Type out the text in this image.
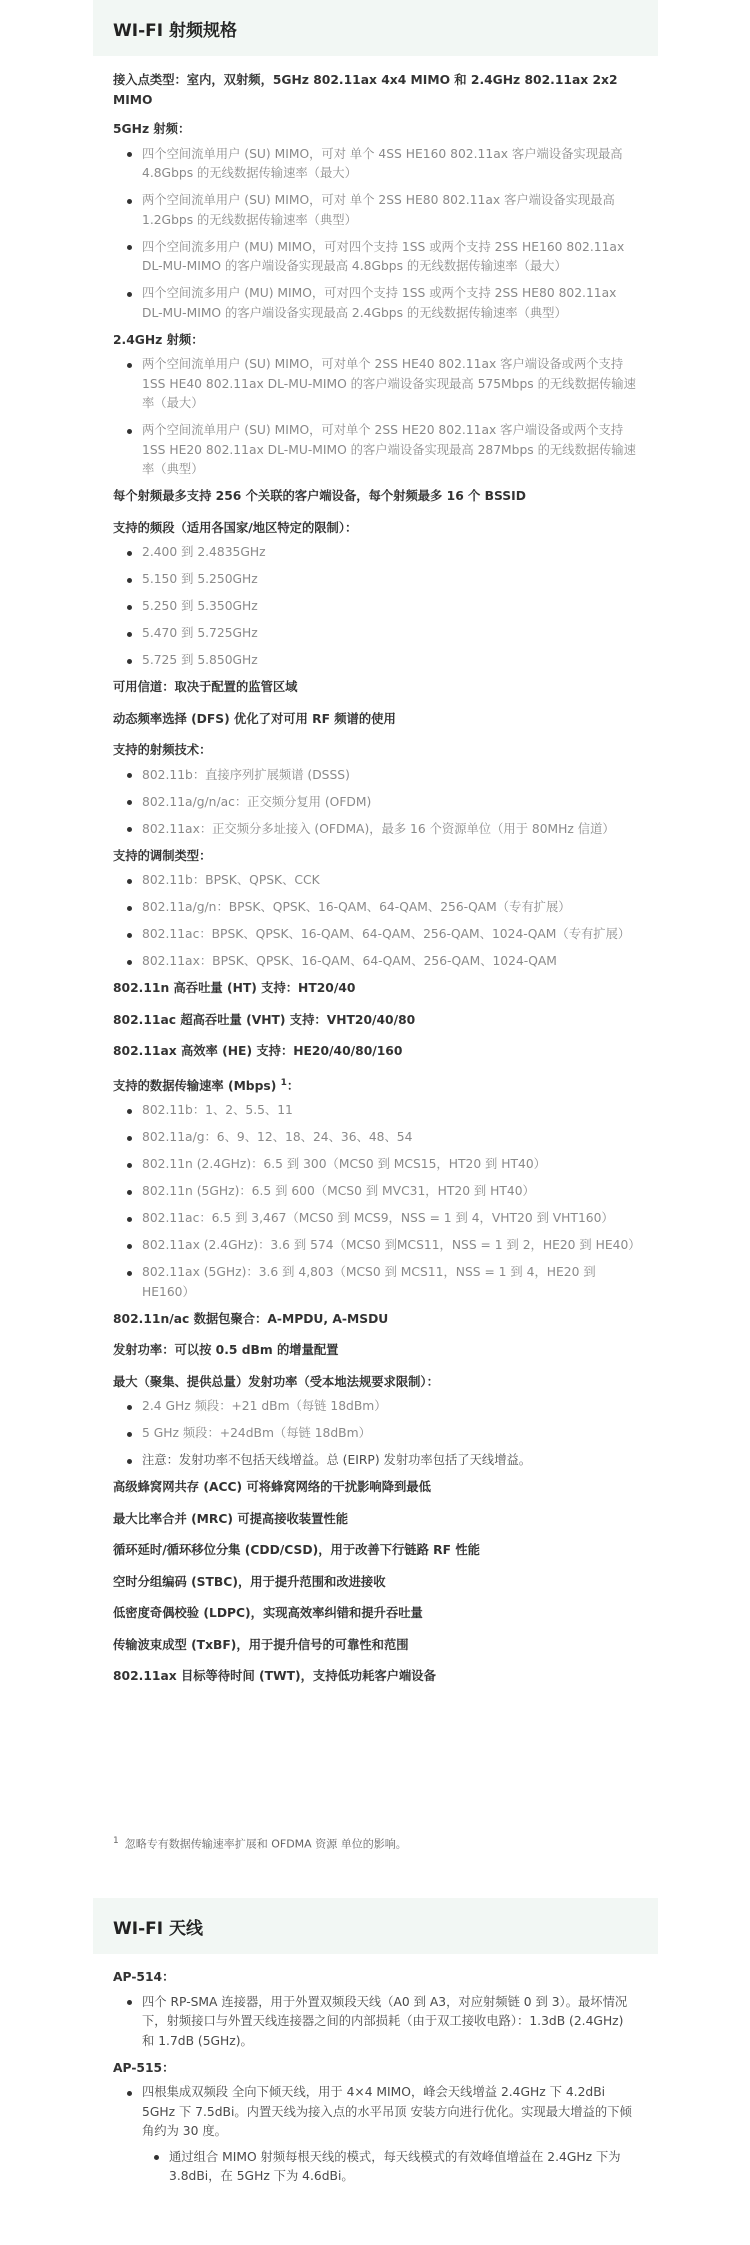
WI-FI 射频规格

接入点类型：室内，双射频，5GHz 802.11ax 4x4 MIMO 和 2.4GHz 802.11ax 2x2 MIMO

5GHz 射频：

四个空间流单用户 (SU) MIMO，可对 单个 4SS HE160 802.11ax 客户端设备实现最高 4.8Gbps 的无线数据传输速率（最大）
两个空间流单用户 (SU) MIMO，可对 单个 2SS HE80 802.11ax 客户端设备实现最高 1.2Gbps 的无线数据传输速率（典型）
四个空间流多用户 (MU) MIMO，可对四个支持 1SS 或两个支持 2SS HE160 802.11ax DL-MU-MIMO 的客户端设备实现最高 4.8Gbps 的无线数据传输速率（最大）
四个空间流多用户 (MU) MIMO，可对四个支持 1SS 或两个支持 2SS HE80 802.11ax DL-MU-MIMO 的客户端设备实现最高 2.4Gbps 的无线数据传输速率（典型）

2.4GHz 射频：

两个空间流单用户 (SU) MIMO，可对单个 2SS HE40 802.11ax 客户端设备或两个支持 1SS HE40 802.11ax DL-MU-MIMO 的客户端设备实现最高 575Mbps 的无线数据传输速率（最大）
两个空间流单用户 (SU) MIMO，可对单个 2SS HE20 802.11ax 客户端设备或两个支持 1SS HE20 802.11ax DL-MU-MIMO 的客户端设备实现最高 287Mbps 的无线数据传输速率（典型）

每个射频最多支持 256 个关联的客户端设备，每个射频最多 16 个 BSSID

支持的频段（适用各国家/地区特定的限制）：

2.400 到 2.4835GHz
5.150 到 5.250GHz
5.250 到 5.350GHz
5.470 到 5.725GHz
5.725 到 5.850GHz

可用信道：取决于配置的监管区域

动态频率选择 (DFS) 优化了对可用 RF 频谱的使用

支持的射频技术：

802.11b：直接序列扩展频谱 (DSSS)
802.11a/g/n/ac：正交频分复用 (OFDM)
802.11ax：正交频分多址接入 (OFDMA)，最多 16 个资源单位（用于 80MHz 信道）

支持的调制类型：

802.11b：BPSK、QPSK、CCK
802.11a/g/n：BPSK、QPSK、16-QAM、64-QAM、256-QAM（专有扩展）
802.11ac：BPSK、QPSK、16-QAM、64-QAM、256-QAM、1024-QAM（专有扩展）
802.11ax：BPSK、QPSK、16-QAM、64-QAM、256-QAM、1024-QAM

802.11n 高吞吐量 (HT) 支持：HT20/40

802.11ac 超高吞吐量 (VHT) 支持：VHT20/40/80

802.11ax 高效率 (HE) 支持：HE20/40/80/160

支持的数据传输速率 (Mbps) $^1$：

802.11b：1、2、5.5、11
802.11a/g：6、9、12、18、24、36、48、54
802.11n (2.4GHz)：6.5 到 300（MCS0 到 MCS15，HT20 到 HT40）
802.11n (5GHz)：6.5 到 600（MCS0 到 MVC31，HT20 到 HT40）
802.11ac：6.5 到 3,467（MCS0 到 MCS9，NSS = 1 到 4，VHT20 到 VHT160）
802.11ax (2.4GHz)：3.6 到 574（MCS0 到MCS11，NSS = 1 到 2，HE20 到 HE40）
802.11ax (5GHz)：3.6 到 4,803（MCS0 到 MCS11，NSS = 1 到 4，HE20 到 HE160）

802.11n/ac 数据包聚合：A-MPDU, A-MSDU

发射功率：可以按 0.5 dBm 的增量配置

最大（聚集、提供总量）发射功率（受本地法规要求限制）：

2.4 GHz 频段：+21 dBm（每链 18dBm）
5 GHz 频段：+24dBm（每链 18dBm）
注意：发射功率不包括天线增益。总 (EIRP) 发射功率包括了天线增益。

高级蜂窝网共存 (ACC) 可将蜂窝网络的干扰影响降到最低

最大比率合并 (MRC) 可提高接收装置性能

循环延时/循环移位分集 (CDD/CSD)，用于改善下行链路 RF 性能

空时分组编码 (STBC)，用于提升范围和改进接收

低密度奇偶校验 (LDPC)，实现高效率纠错和提升吞吐量

传输波束成型 (TxBF)，用于提升信号的可靠性和范围

802.11ax 目标等待时间 (TWT)，支持低功耗客户端设备

$^1$ 忽略专有数据传输速率扩展和 OFDMA 资源 单位的影响。
WI-FI 天线

AP-514：

四个 RP-SMA 连接器，用于外置双频段天线（A0 到 A3，对应射频链 0 到 3）。最坏情况下，射频接口与外置天线连接器之间的内部损耗（由于双工接收电路）：1.3dB (2.4GHz) 和 1.7dB (5GHz)。

AP-515：

四根集成双频段 全向下倾天线，用于 4×4 MIMO，峰会天线增益 2.4GHz 下 4.2dBi 5GHz 下 7.5dBi。内置天线为接入点的水平吊顶 安装方向进行优化。实现最大增益的下倾角约为 30 度。
通过组合 MIMO 射频每根天线的模式，每天线模式的有效峰值增益在 2.4GHz 下为 3.8dBi，在 5GHz 下为 4.6dBi。
